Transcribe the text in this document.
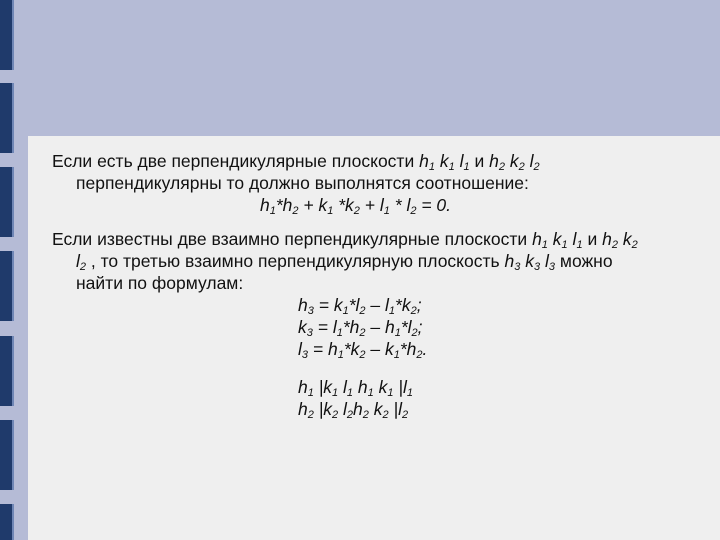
Если есть две перпендикулярные плоскости $h_1$ $k_1$ $l_1$ и $h_2$ $k_2$ $l_2$
перпендикулярны то должно выполнятся соотношение:
$h_1*h_2 + k_1$ $*k_2 + l_1 * l_2 = 0$.
Если известны две взаимно перпендикулярные плоскости $h_1$ $k_1$ $l_1$ и $h_2$ $k_2$
$l_2$ , то третью взаимно перпендикулярную плоскость $h_3$ $k_3$ $l_3$ можно
найти по формулам:
$h_3 = k_1*l_2 - l_1*k_2$;
$k_3 = l_1*h_2 - h_1*l_2$;
$l_3 = h_1*k_2 - k_1*h_2$.
$h_1$ $|k_1$ $l_1$ $h_1$ $k_1$ $|l_1$
$h_2$ $|k_2$ $l_2h_2$ $k_2$ $|l_2$
